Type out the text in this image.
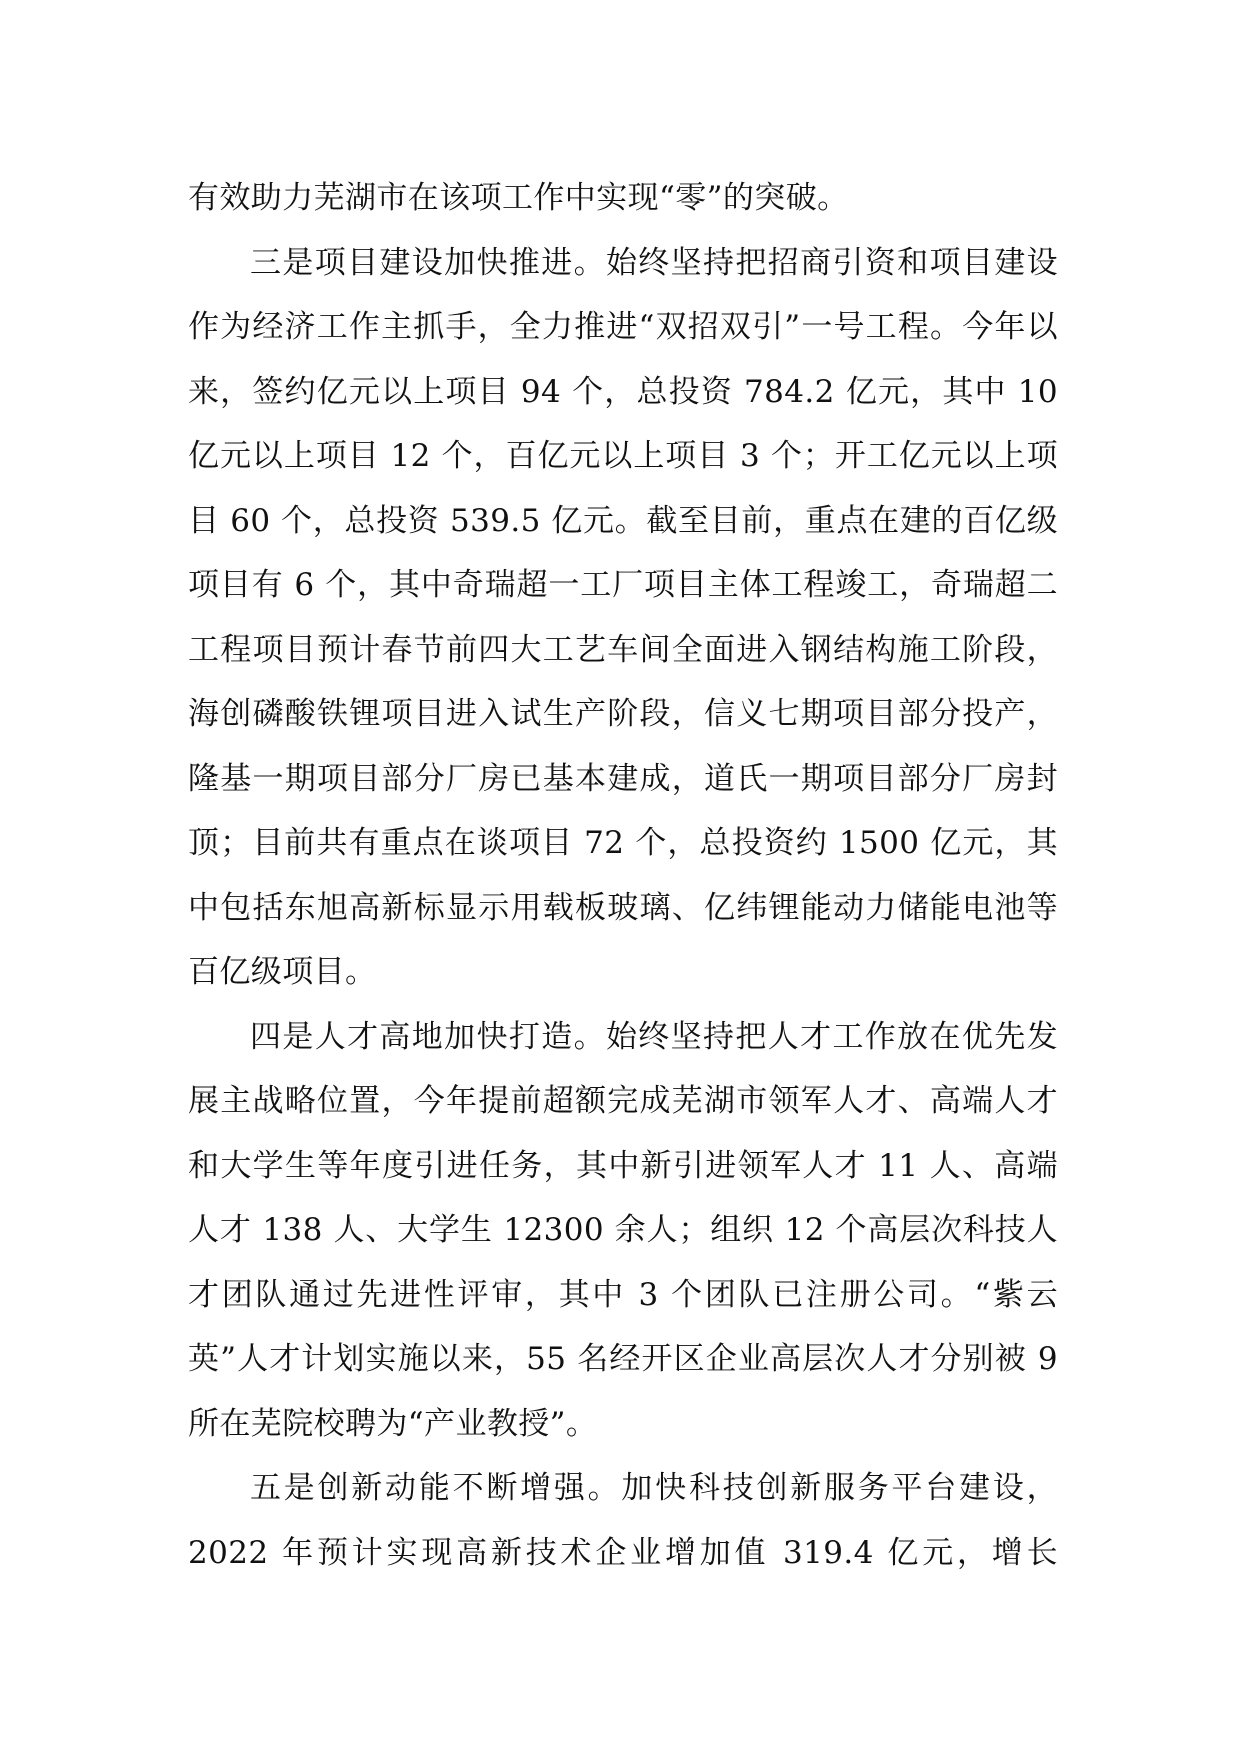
有效助力芜湖市在该项工作中实现“零”的突破。

三是项目建设加快推进。始终坚持把招商引资和项目建设作为经济工作主抓手，全力推进“双招双引”一号工程。今年以来，签约亿元以上项目 94 个，总投资 784.2 亿元，其中 10 亿元以上项目 12 个，百亿元以上项目 3 个；开工亿元以上项目 60 个，总投资 539.5 亿元。截至目前，重点在建的百亿级项目有 6 个，其中奇瑞超一工厂项目主体工程竣工，奇瑞超二工程项目预计春节前四大工艺车间全面进入钢结构施工阶段，海创磷酸铁锂项目进入试生产阶段，信义七期项目部分投产，隆基一期项目部分厂房已基本建成，道氏一期项目部分厂房封顶；目前共有重点在谈项目 72 个，总投资约 1500 亿元，其中包括东旭高新标显示用载板玻璃、亿纬锂能动力储能电池等百亿级项目。

四是人才高地加快打造。始终坚持把人才工作放在优先发展主战略位置，今年提前超额完成芜湖市领军人才、高端人才和大学生等年度引进任务，其中新引进领军人才 11 人、高端人才 138 人、大学生 12300 余人；组织 12 个高层次科技人才团队通过先进性评审，其中 3 个团队已注册公司。“紫云英”人才计划实施以来，55 名经开区企业高层次人才分别被 9 所在芜院校聘为“产业教授”。

五是创新动能不断增强。加快科技创新服务平台建设，2022 年预计实现高新技术企业增加值 319.4 亿元，增长
